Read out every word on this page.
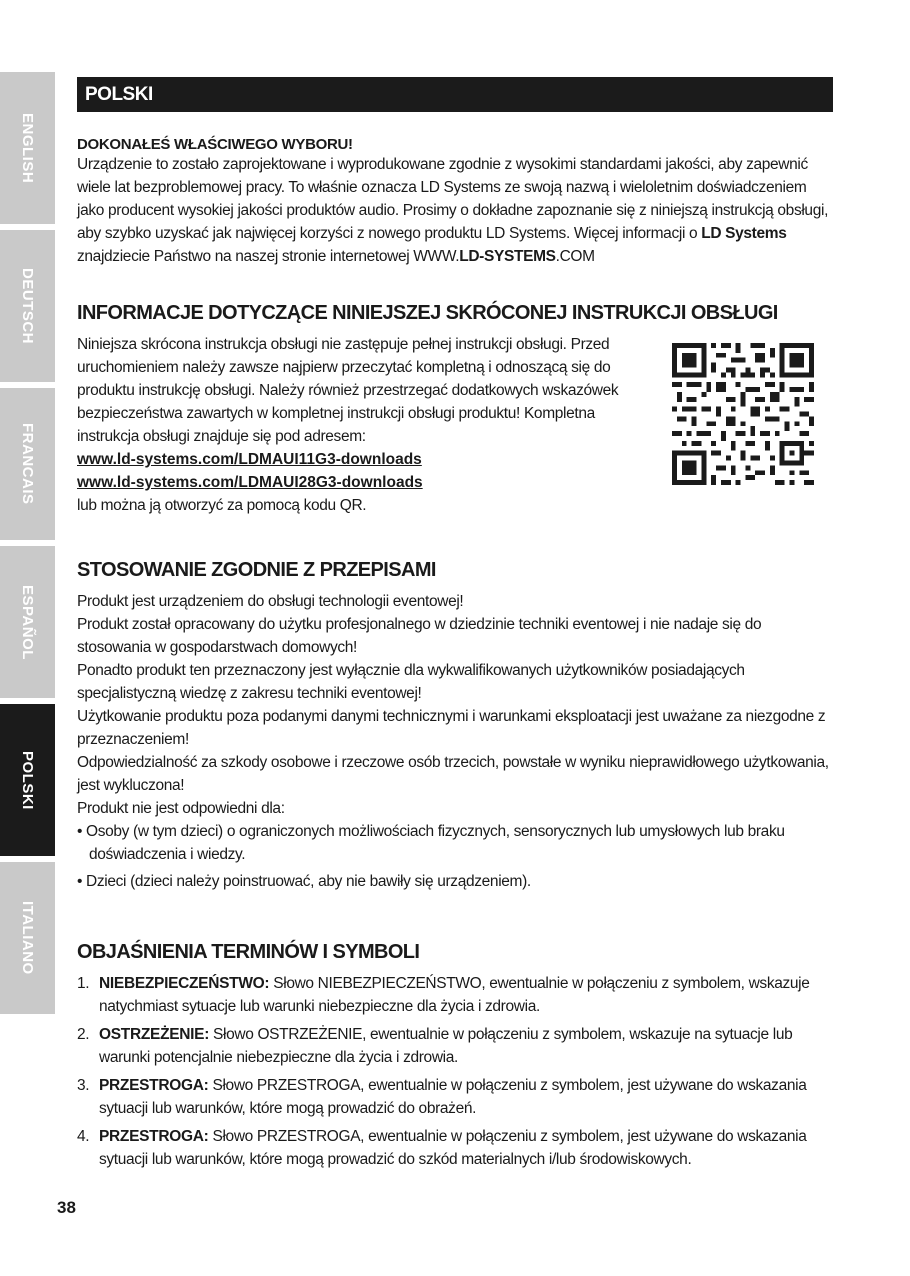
ENGLISH
DEUTSCH
FRANCAIS
ESPAÑOL
POLSKI
ITALIANO
POLSKI
DOKONAŁEŚ WŁAŚCIWEGO WYBORU!

Urządzenie to zostało zaprojektowane i wyprodukowane zgodnie z wysokimi standardami jakości, aby zapewnić wiele lat bezproblemowej pracy. To właśnie oznacza LD Systems ze swoją nazwą i wieloletnim doświadczeniem jako producent wysokiej jakości produktów audio. Prosimy o dokładne zapoznanie się z niniejszą instrukcją obsługi, aby szybko uzyskać jak najwięcej korzyści z nowego produktu LD Systems. Więcej informacji o LD Systems znajdziecie Państwo na naszej stronie internetowej WWW.LD-SYSTEMS.COM

INFORMACJE DOTYCZĄCE NINIEJSZEJ SKRÓCONEJ INSTRUKCJI OBSŁUGI

Niniejsza skrócona instrukcja obsługi nie zastępuje pełnej instrukcji obsługi. Przed uruchomieniem należy zawsze najpierw przeczytać kompletną i odnoszącą się do produktu instrukcję obsługi. Należy również przestrzegać dodatkowych wskazówek bezpieczeństwa zawartych w kompletnej instrukcji obsługi produktu! Kompletna instrukcja obsługi znajduje się pod adresem:

www.ld-systems.com/LDMAUI11G3-downloads
www.ld-systems.com/LDMAUI28G3-downloads

lub można ją otworzyć za pomocą kodu QR.

STOSOWANIE ZGODNIE Z PRZEPISAMI

Produkt jest urządzeniem do obsługi technologii eventowej!

Produkt został opracowany do użytku profesjonalnego w dziedzinie techniki eventowej i nie nadaje się do stosowania w gospodarstwach domowych!

Ponadto produkt ten przeznaczony jest wyłącznie dla wykwalifikowanych użytkowników posiadających specjalistyczną wiedzę z zakresu techniki eventowej!

Użytkowanie produktu poza podanymi danymi technicznymi i warunkami eksploatacji jest uważane za niezgodne z przeznaczeniem!

Odpowiedzialność za szkody osobowe i rzeczowe osób trzecich, powstałe w wyniku nieprawidłowego użytkowania, jest wykluczona!

Produkt nie jest odpowiedni dla:

• Osoby (w tym dzieci) o ograniczonych możliwościach fizycznych, sensorycznych lub umysłowych lub braku doświadczenia i wiedzy.

• Dzieci (dzieci należy poinstruować, aby nie bawiły się urządzeniem).

OBJAŚNIENIA TERMINÓW I SYMBOLI
1. NIEBEZPIECZEŃSTWO: Słowo NIEBEZPIECZEŃSTWO, ewentualnie w połączeniu z symbolem, wskazuje natychmiast sytuacje lub warunki niebezpieczne dla życia i zdrowia.
2. OSTRZEŻENIE: Słowo OSTRZEŻENIE, ewentualnie w połączeniu z symbolem, wskazuje na sytuacje lub warunki potencjalnie niebezpieczne dla życia i zdrowia.
3. PRZESTROGA: Słowo PRZESTROGA, ewentualnie w połączeniu z symbolem, jest używane do wskazania sytuacji lub warunków, które mogą prowadzić do obrażeń.
4. PRZESTROGA: Słowo PRZESTROGA, ewentualnie w połączeniu z symbolem, jest używane do wskazania sytuacji lub warunków, które mogą prowadzić do szkód materialnych i/lub środowiskowych.
38
